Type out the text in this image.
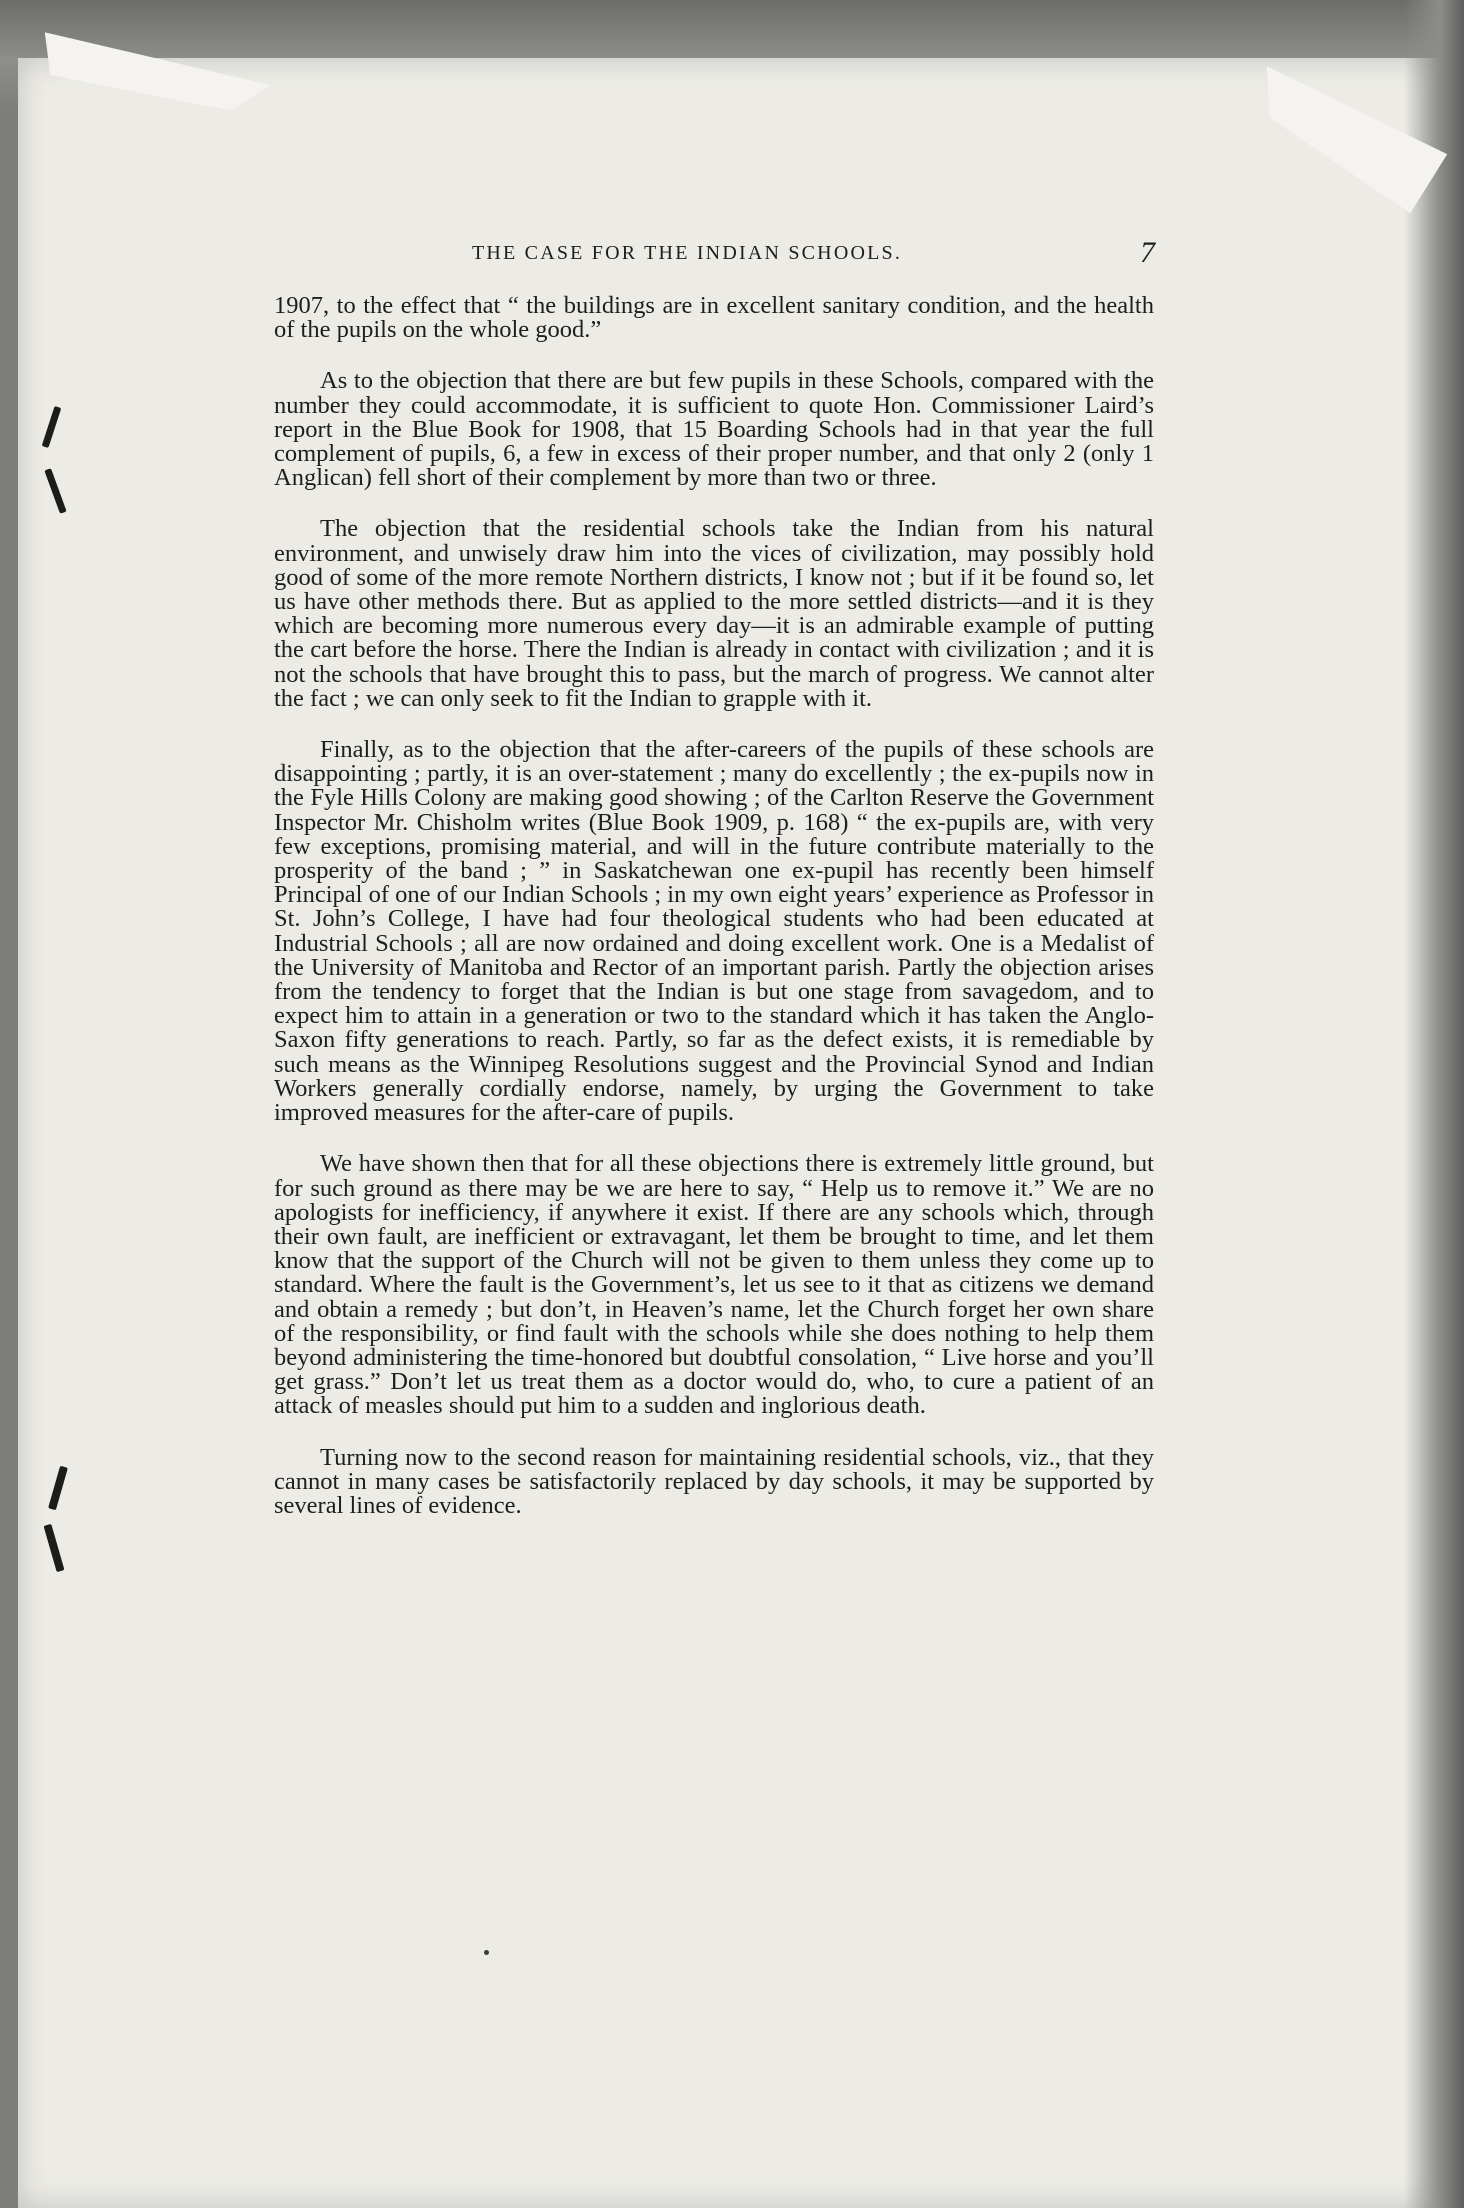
THE CASE FOR THE INDIAN SCHOOLS.	7

1907, to the effect that “ the buildings are in excellent sanitary condition, and the health of the pupils on the whole good.”

As to the objection that there are but few pupils in these Schools, compared with the number they could accommodate, it is sufficient to quote Hon. Commissioner Laird’s report in the Blue Book for 1908, that 15 Boarding Schools had in that year the full complement of pupils, 6, a few in excess of their proper number, and that only 2 (only 1 Anglican) fell short of their complement by more than two or three.

The objection that the residential schools take the Indian from his natural environment, and unwisely draw him into the vices of civilization, may possibly hold good of some of the more remote Northern districts, I know not ; but if it be found so, let us have other methods there. But as applied to the more settled districts—and it is they which are becoming more numerous every day—it is an admirable example of putting the cart before the horse. There the Indian is already in contact with civilization ; and it is not the schools that have brought this to pass, but the march of progress. We cannot alter the fact ; we can only seek to fit the Indian to grapple with it.

Finally, as to the objection that the after-careers of the pupils of these schools are disappointing ; partly, it is an over-statement ; many do excellently ; the ex-pupils now in the Fyle Hills Colony are making good showing ; of the Carlton Reserve the Government Inspector Mr. Chisholm writes (Blue Book 1909, p. 168) “ the ex-pupils are, with very few exceptions, promising material, and will in the future contribute materially to the prosperity of the band ; ” in Saskatchewan one ex-pupil has recently been himself Principal of one of our Indian Schools ; in my own eight years’ experience as Professor in St. John’s College, I have had four theological students who had been educated at Industrial Schools ; all are now ordained and doing excellent work. One is a Medalist of the University of Manitoba and Rector of an important parish. Partly the objection arises from the tendency to forget that the Indian is but one stage from savagedom, and to expect him to attain in a generation or two to the standard which it has taken the Anglo-Saxon fifty generations to reach. Partly, so far as the defect exists, it is remediable by such means as the Winnipeg Resolutions suggest and the Provincial Synod and Indian Workers generally cordially endorse, namely, by urging the Government to take improved measures for the after-care of pupils.

We have shown then that for all these objections there is extremely little ground, but for such ground as there may be we are here to say, “ Help us to remove it.” We are no apologists for inefficiency, if anywhere it exist. If there are any schools which, through their own fault, are inefficient or extravagant, let them be brought to time, and let them know that the support of the Church will not be given to them unless they come up to standard. Where the fault is the Government’s, let us see to it that as citizens we demand and obtain a remedy ; but don’t, in Heaven’s name, let the Church forget her own share of the responsibility, or find fault with the schools while she does nothing to help them beyond administering the time-honored but doubtful consolation, “ Live horse and you’ll get grass.” Don’t let us treat them as a doctor would do, who, to cure a patient of an attack of measles should put him to a sudden and inglorious death.

Turning now to the second reason for maintaining residential schools, viz., that they cannot in many cases be satisfactorily replaced by day schools, it may be supported by several lines of evidence.
